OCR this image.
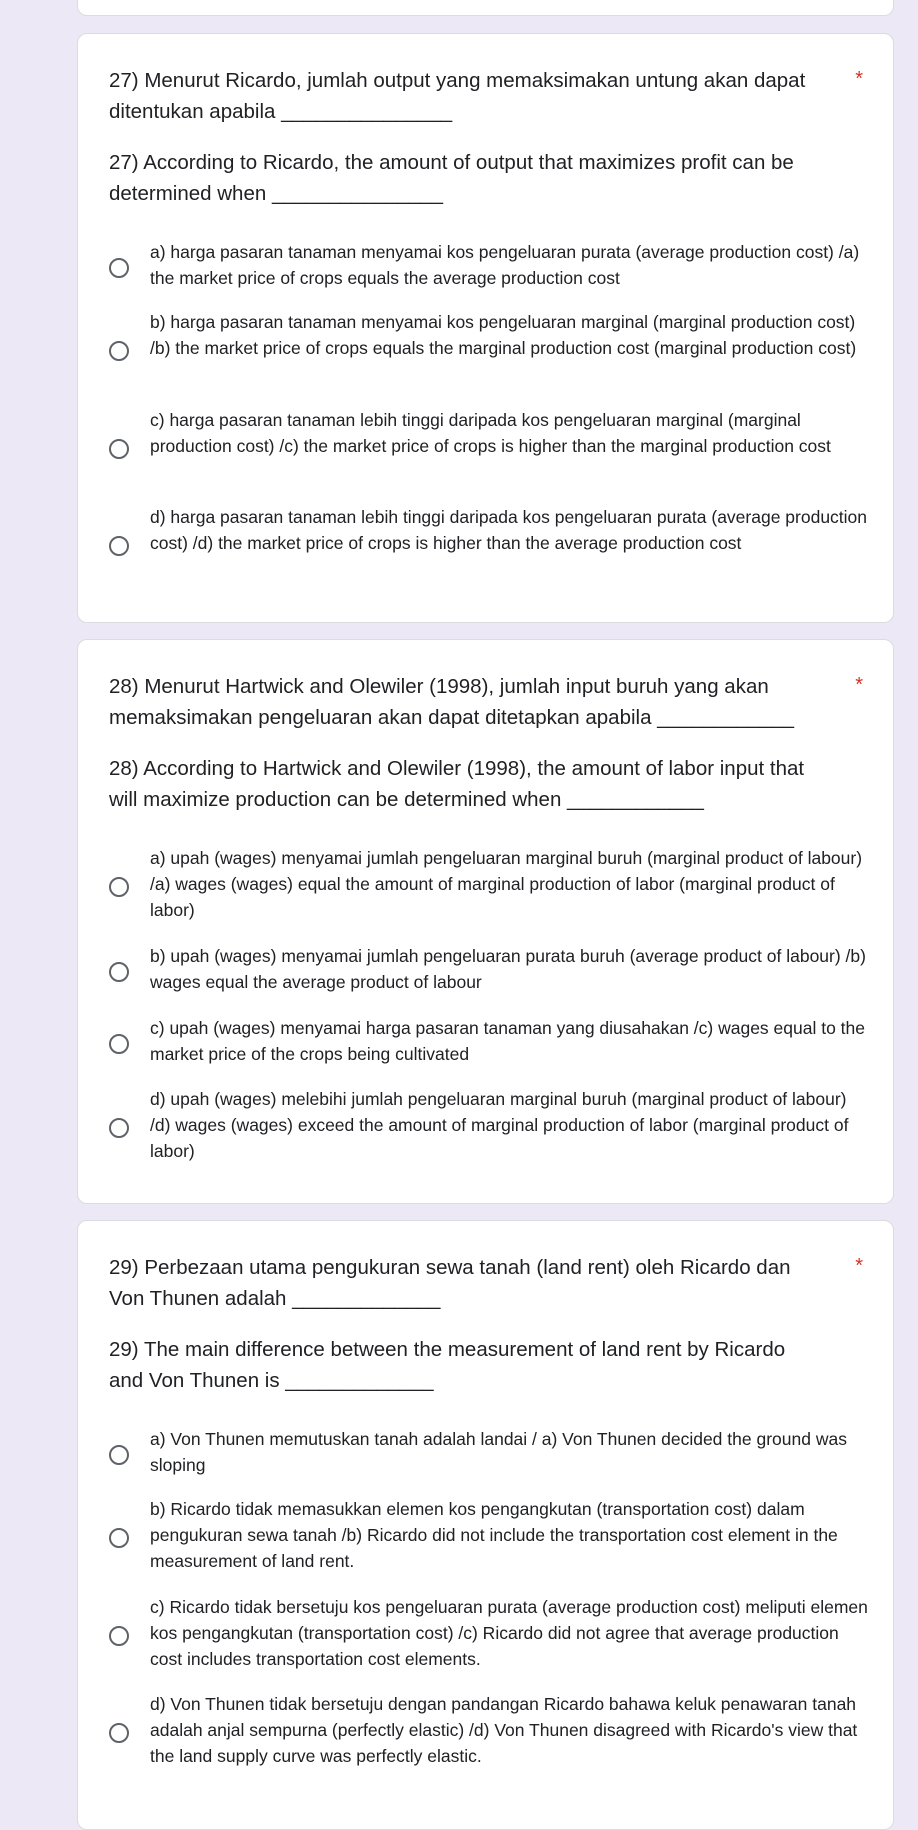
27) Menurut Ricardo, jumlah output yang memaksimakan untung akan dapat ditentukan apabila _______________

*

27) According to Ricardo, the amount of output that maximizes profit can be determined when _______________

a) harga pasaran tanaman menyamai kos pengeluaran purata (average production cost) /a) the market price of crops equals the average production cost
b) harga pasaran tanaman menyamai kos pengeluaran marginal (marginal production cost) /b) the market price of crops equals the marginal production cost (marginal production cost)
c) harga pasaran tanaman lebih tinggi daripada kos pengeluaran marginal (marginal production cost) /c) the market price of crops is higher than the marginal production cost
d) harga pasaran tanaman lebih tinggi daripada kos pengeluaran purata (average production cost) /d) the market price of crops is higher than the average production cost

28) Menurut Hartwick and Olewiler (1998), jumlah input buruh yang akan memaksimakan pengeluaran akan dapat ditetapkan apabila ____________

*

28) According to Hartwick and Olewiler (1998), the amount of labor input that will maximize production can be determined when ____________

a) upah (wages) menyamai jumlah pengeluaran marginal buruh (marginal product of labour) /a) wages (wages) equal the amount of marginal production of labor (marginal product of labor)
b) upah (wages) menyamai jumlah pengeluaran purata buruh (average product of labour) /b) wages equal the average product of labour
c) upah (wages) menyamai harga pasaran tanaman yang diusahakan /c) wages equal to the market price of the crops being cultivated
d) upah (wages) melebihi jumlah pengeluaran marginal buruh (marginal product of labour) /d) wages (wages) exceed the amount of marginal production of labor (marginal product of labor)

29) Perbezaan utama pengukuran sewa tanah (land rent) oleh Ricardo dan Von Thunen adalah _____________

*

29) The main difference between the measurement of land rent by Ricardo and Von Thunen is _____________

a) Von Thunen memutuskan tanah adalah landai / a) Von Thunen decided the ground was sloping
b) Ricardo tidak memasukkan elemen kos pengangkutan (transportation cost) dalam pengukuran sewa tanah /b) Ricardo did not include the transportation cost element in the measurement of land rent.
c) Ricardo tidak bersetuju kos pengeluaran purata (average production cost) meliputi elemen kos pengangkutan (transportation cost) /c) Ricardo did not agree that average production cost includes transportation cost elements.
d) Von Thunen tidak bersetuju dengan pandangan Ricardo bahawa keluk penawaran tanah adalah anjal sempurna (perfectly elastic) /d) Von Thunen disagreed with Ricardo's view that the land supply curve was perfectly elastic.
